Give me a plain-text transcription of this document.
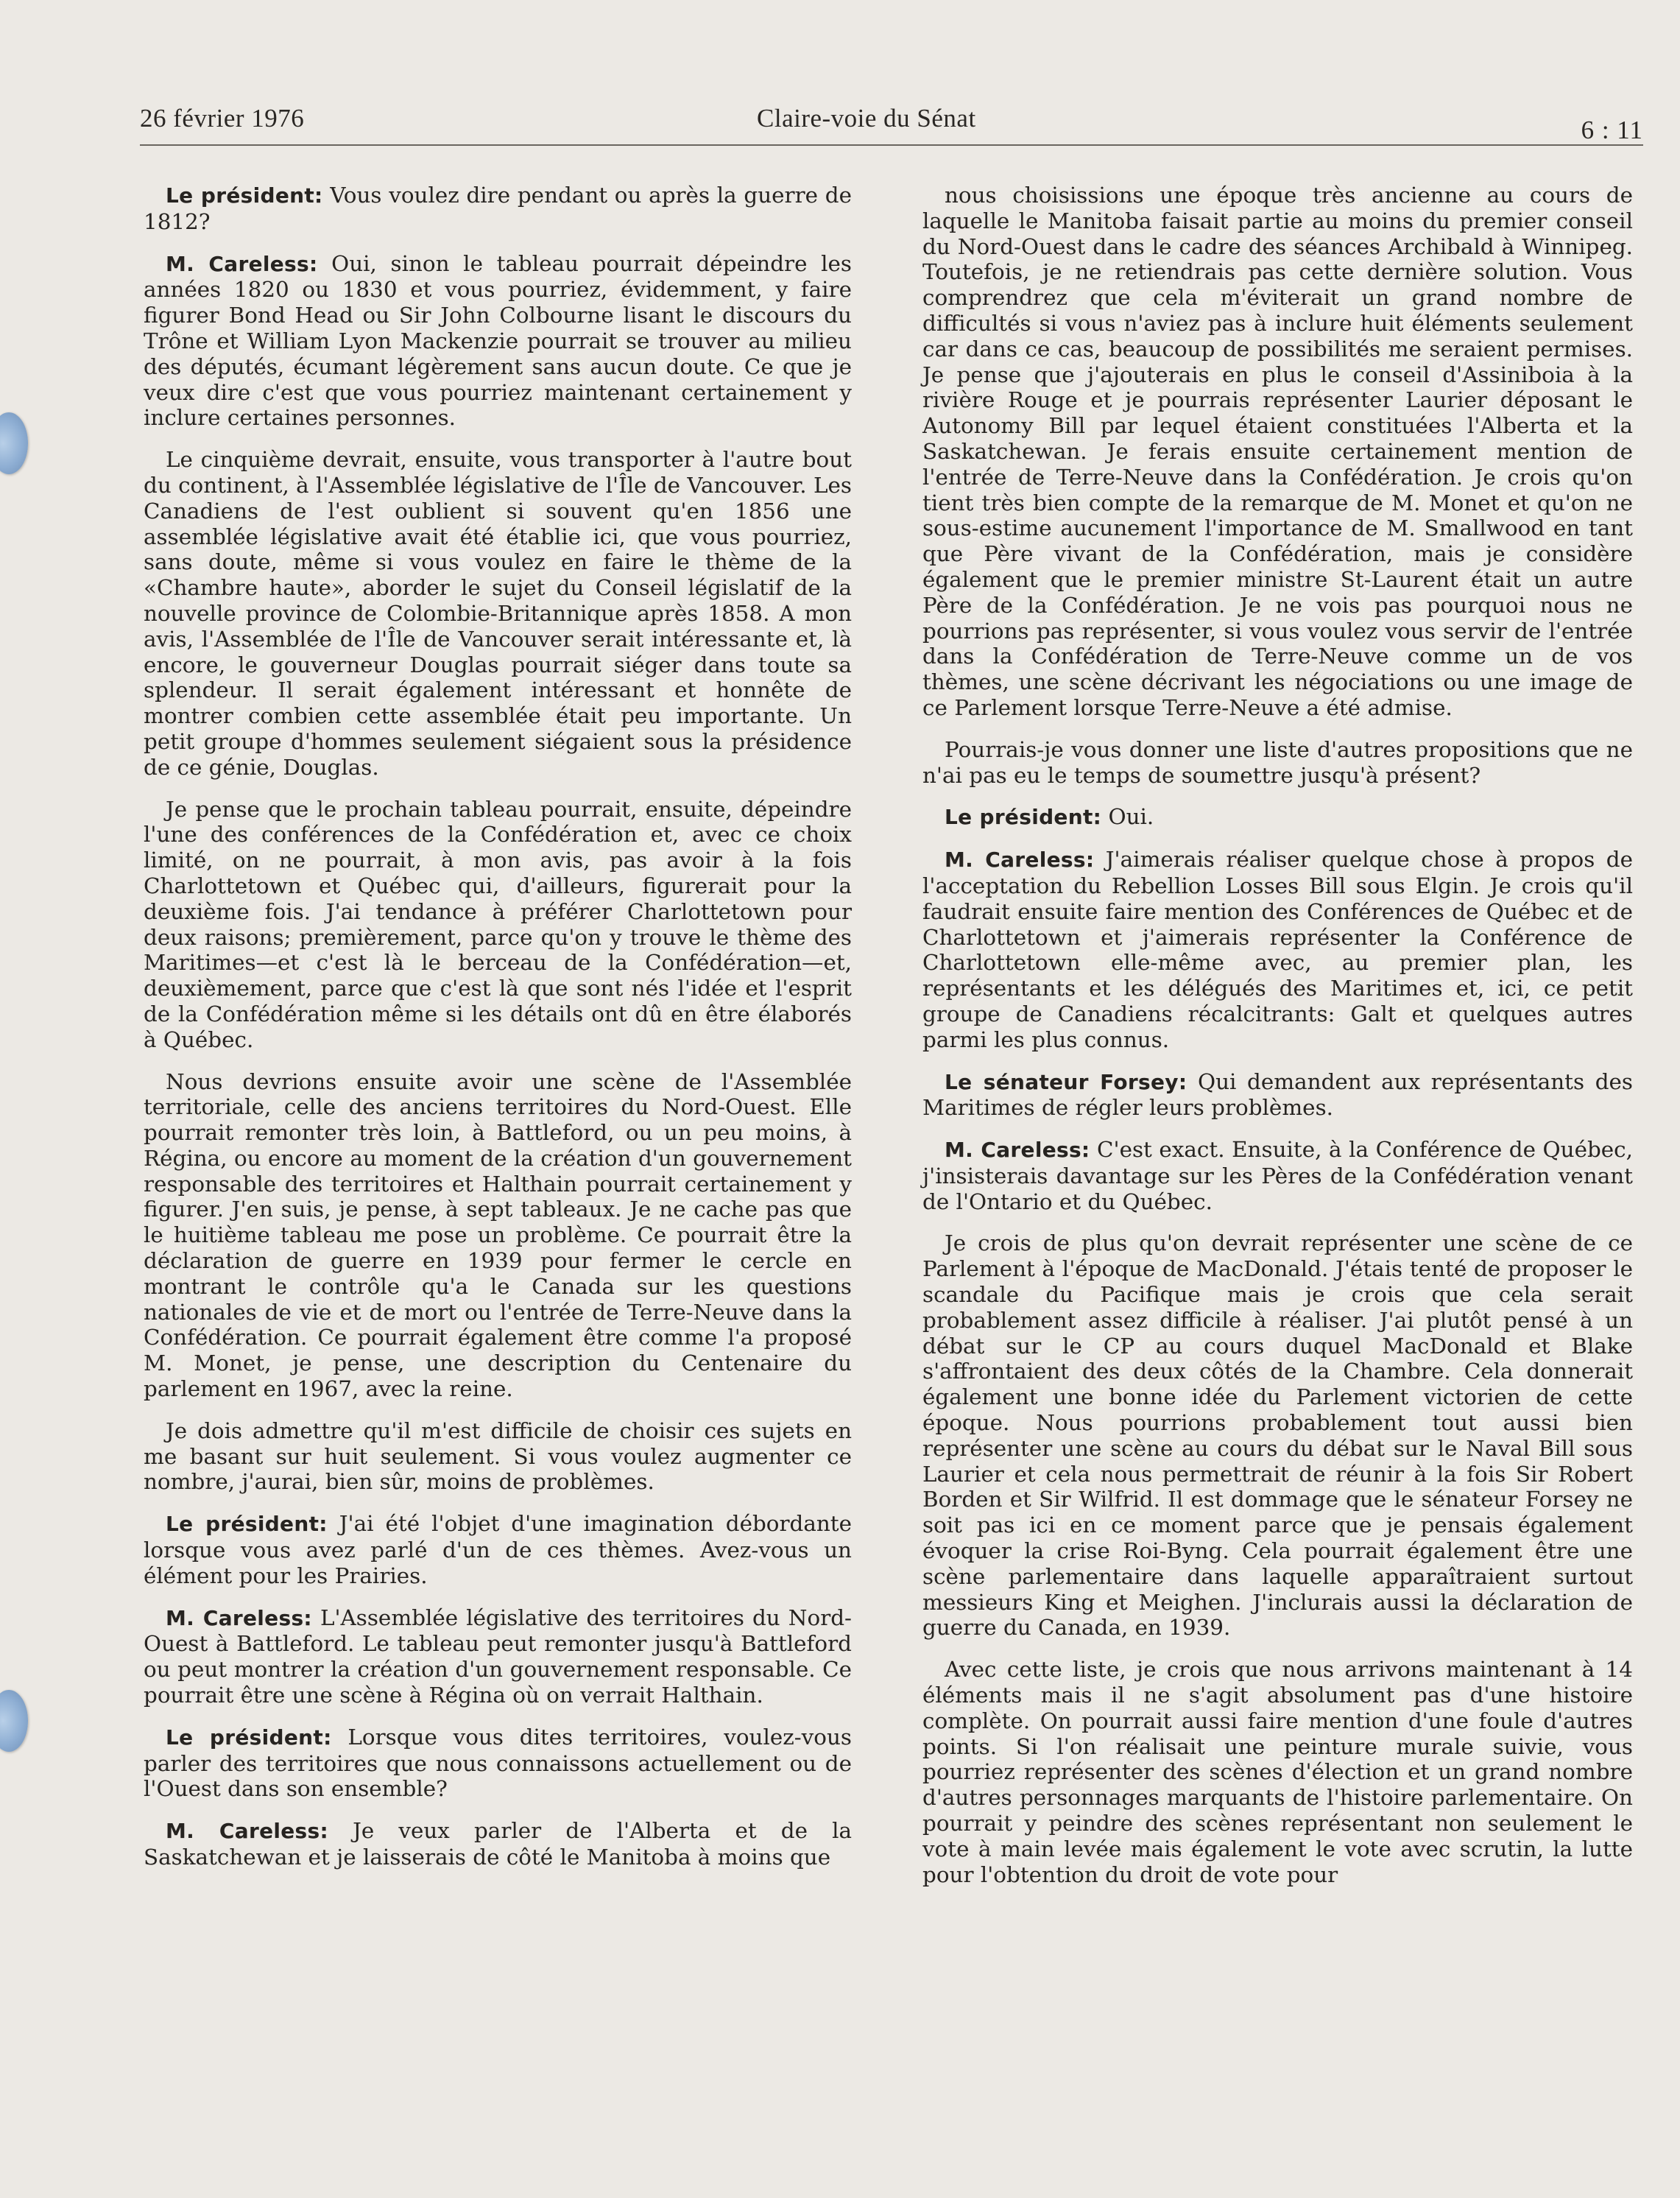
26 février 1976	Claire-voie du Sénat	6 : 11

Le président: Vous voulez dire pendant ou après la guerre de 1812?

M. Careless: Oui, sinon le tableau pourrait dépeindre les années 1820 ou 1830 et vous pourriez, évidemment, y faire figurer Bond Head ou Sir John Colbourne lisant le discours du Trône et William Lyon Mackenzie pourrait se trouver au milieu des députés, écumant légèrement sans aucun doute. Ce que je veux dire c'est que vous pourriez maintenant certainement y inclure certaines personnes.

Le cinquième devrait, ensuite, vous transporter à l'autre bout du continent, à l'Assemblée législative de l'Île de Vancouver. Les Canadiens de l'est oublient si souvent qu'en 1856 une assemblée législative avait été établie ici, que vous pourriez, sans doute, même si vous voulez en faire le thème de la «Chambre haute», aborder le sujet du Conseil législatif de la nouvelle province de Colombie-Britannique après 1858. A mon avis, l'Assemblée de l'Île de Vancouver serait intéressante et, là encore, le gouverneur Douglas pourrait siéger dans toute sa splendeur. Il serait également intéressant et honnête de montrer combien cette assemblée était peu importante. Un petit groupe d'hommes seulement siégaient sous la présidence de ce génie, Douglas.

Je pense que le prochain tableau pourrait, ensuite, dépeindre l'une des conférences de la Confédération et, avec ce choix limité, on ne pourrait, à mon avis, pas avoir à la fois Charlottetown et Québec qui, d'ailleurs, figurerait pour la deuxième fois. J'ai tendance à préférer Charlottetown pour deux raisons; premièrement, parce qu'on y trouve le thème des Maritimes—et c'est là le berceau de la Confédération—et, deuxièmement, parce que c'est là que sont nés l'idée et l'esprit de la Confédération même si les détails ont dû en être élaborés à Québec.

Nous devrions ensuite avoir une scène de l'Assemblée territoriale, celle des anciens territoires du Nord-Ouest. Elle pourrait remonter très loin, à Battleford, ou un peu moins, à Régina, ou encore au moment de la création d'un gouvernement responsable des territoires et Halthain pourrait certainement y figurer. J'en suis, je pense, à sept tableaux. Je ne cache pas que le huitième tableau me pose un problème. Ce pourrait être la déclaration de guerre en 1939 pour fermer le cercle en montrant le contrôle qu'a le Canada sur les questions nationales de vie et de mort ou l'entrée de Terre-Neuve dans la Confédération. Ce pourrait également être comme l'a proposé M. Monet, je pense, une description du Centenaire du parlement en 1967, avec la reine.

Je dois admettre qu'il m'est difficile de choisir ces sujets en me basant sur huit seulement. Si vous voulez augmenter ce nombre, j'aurai, bien sûr, moins de problèmes.

Le président: J'ai été l'objet d'une imagination débordante lorsque vous avez parlé d'un de ces thèmes. Avez-vous un élément pour les Prairies.

M. Careless: L'Assemblée législative des territoires du Nord-Ouest à Battleford. Le tableau peut remonter jusqu'à Battleford ou peut montrer la création d'un gouvernement responsable. Ce pourrait être une scène à Régina où on verrait Halthain.

Le président: Lorsque vous dites territoires, voulez-vous parler des territoires que nous connaissons actuellement ou de l'Ouest dans son ensemble?

M. Careless: Je veux parler de l'Alberta et de la Saskatchewan et je laisserais de côté le Manitoba à moins que

nous choisissions une époque très ancienne au cours de laquelle le Manitoba faisait partie au moins du premier conseil du Nord-Ouest dans le cadre des séances Archibald à Winnipeg. Toutefois, je ne retiendrais pas cette dernière solution. Vous comprendrez que cela m'éviterait un grand nombre de difficultés si vous n'aviez pas à inclure huit éléments seulement car dans ce cas, beaucoup de possibilités me seraient permises. Je pense que j'ajouterais en plus le conseil d'Assiniboia à la rivière Rouge et je pourrais représenter Laurier déposant le Autonomy Bill par lequel étaient constituées l'Alberta et la Saskatchewan. Je ferais ensuite certainement mention de l'entrée de Terre-Neuve dans la Confédération. Je crois qu'on tient très bien compte de la remarque de M. Monet et qu'on ne sous-estime aucunement l'importance de M. Smallwood en tant que Père vivant de la Confédération, mais je considère également que le premier ministre St-Laurent était un autre Père de la Confédération. Je ne vois pas pourquoi nous ne pourrions pas représenter, si vous voulez vous servir de l'entrée dans la Confédération de Terre-Neuve comme un de vos thèmes, une scène décrivant les négociations ou une image de ce Parlement lorsque Terre-Neuve a été admise.

Pourrais-je vous donner une liste d'autres propositions que ne n'ai pas eu le temps de soumettre jusqu'à présent?

Le président: Oui.

M. Careless: J'aimerais réaliser quelque chose à propos de l'acceptation du Rebellion Losses Bill sous Elgin. Je crois qu'il faudrait ensuite faire mention des Conférences de Québec et de Charlottetown et j'aimerais représenter la Conférence de Charlottetown elle-même avec, au premier plan, les représentants et les délégués des Maritimes et, ici, ce petit groupe de Canadiens récalcitrants: Galt et quelques autres parmi les plus connus.

Le sénateur Forsey: Qui demandent aux représentants des Maritimes de régler leurs problèmes.

M. Careless: C'est exact. Ensuite, à la Conférence de Québec, j'insisterais davantage sur les Pères de la Confédération venant de l'Ontario et du Québec.

Je crois de plus qu'on devrait représenter une scène de ce Parlement à l'époque de MacDonald. J'étais tenté de proposer le scandale du Pacifique mais je crois que cela serait probablement assez difficile à réaliser. J'ai plutôt pensé à un débat sur le CP au cours duquel MacDonald et Blake s'affrontaient des deux côtés de la Chambre. Cela donnerait également une bonne idée du Parlement victorien de cette époque. Nous pourrions probablement tout aussi bien représenter une scène au cours du débat sur le Naval Bill sous Laurier et cela nous permettrait de réunir à la fois Sir Robert Borden et Sir Wilfrid. Il est dommage que le sénateur Forsey ne soit pas ici en ce moment parce que je pensais également évoquer la crise Roi-Byng. Cela pourrait également être une scène parlementaire dans laquelle apparaîtraient surtout messieurs King et Meighen. J'inclurais aussi la déclaration de guerre du Canada, en 1939.

Avec cette liste, je crois que nous arrivons maintenant à 14 éléments mais il ne s'agit absolument pas d'une histoire complète. On pourrait aussi faire mention d'une foule d'autres points. Si l'on réalisait une peinture murale suivie, vous pourriez représenter des scènes d'élection et un grand nombre d'autres personnages marquants de l'histoire parlementaire. On pourrait y peindre des scènes représentant non seulement le vote à main levée mais également le vote avec scrutin, la lutte pour l'obtention du droit de vote pour
